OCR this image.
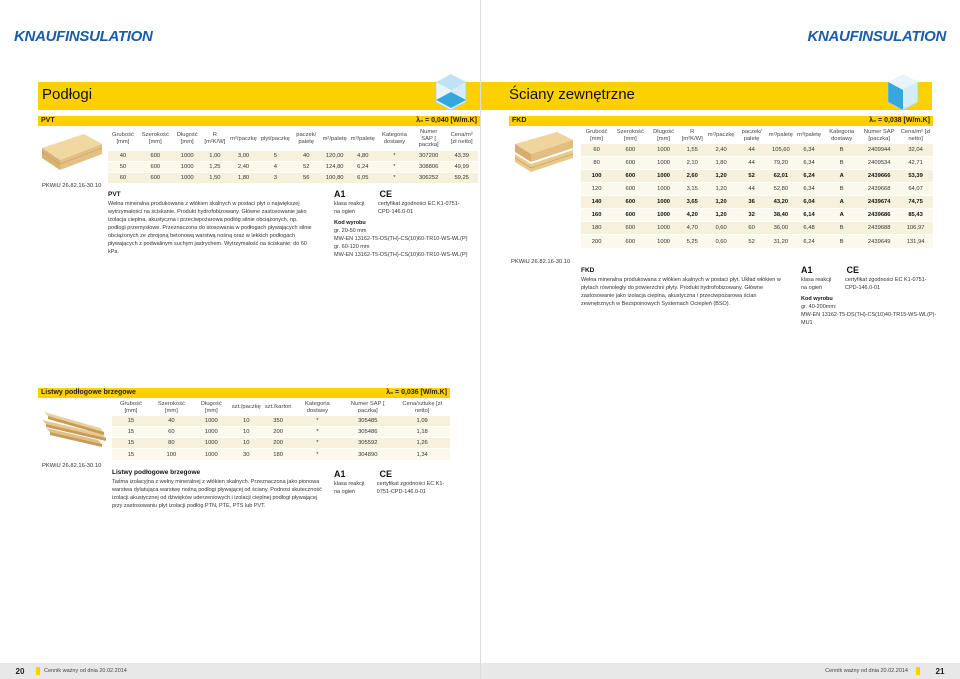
KNAUFINSULATION
Podłogi
PVT	λ₀ = 0,040 [W/m.K]
Grubość [mm]	Szerokość [mm]	Długość [mm]	R [m²K/W]	m²/paczkę	płyt/paczkę	paczek/ paletę	m²/paletę	m³/paletę	Kategoria dostawy	Numer SAP [ paczka]	Cena/m² [zł netto]
40	600	1000	1,00	3,00	5	40	120,00	4,80	*	307200	43,39
50	600	1000	1,25	2,40	4	52	124,80	6,24	*	308806	49,99
60	600	1000	1,50	1,80	3	56	100,80	6,05	*	306252	59,25
PKWiU 26.82.16-30.10
PVT
Wełna mineralna produkowana z włókien skalnych w postaci płyt o największej wytrzymałości na ściskanie. Produkt hydrofobizowany. Główne zastosowanie jako izolacja cieplna, akustyczna i przeciwpożarowa podłóg silnie obciążonych, np. podłogi przemysłowe. Przeznaczona do stosowania w podłogach pływających silnie obciążonych ze zbrojoną betonową warstwą nośną oraz w lekkich podłogach pływających z podwalinym suchym jastrychem. Wytrzymałość na ściskanie: do 60 kPa.
A1	CE
klasa reakcji na ogień
certyfikat zgodności EC K1-0751-CPD-146.0-01
Kod wyrobu
gr. 20-50 mm
MW-EN 13162-T5-DS(TH)-CS(10)60-TR10-WS-WL(P)
gr. 60-120 mm
MW-EN 13162-T5-DS(TH)-CS(10)60-TR10-WS-WL(P)
Listwy podłogowe brzegowe	λ₀ = 0,036 [W/m.K]
Grubość [mm]	Szerokość [mm]	Długość [mm]	szt./paczkę	szt./karton	Kategoria dostawy	Numer SAP [ paczka]	Cena/sztukę [zł netto]
15	40	1000	10	350	*	305485	1,09
15	60	1000	10	200	*	305486	1,18
15	80	1000	10	200	*	305592	1,26
15	100	1000	30	180	*	304890	1,34
PKWiU 26.82.16-30.10
Listwy podłogowe brzegowe
Taśma izolacyjna z wełny mineralnej z włókien skalnych. Przeznaczona jako pionowa warstwa dylatująca warstwę nośną podłogi pływającej od ściany. Podnosi skuteczność izolacji akustycznej od dźwięków uderzeniowych i izolacji cieplnej podłogi pływającej przy zastosowaniu płyt izolacji podłóg PTN, PTE, PTS lub PVT.
A1	CE
klasa reakcji na ogień
certyfikat zgodności EC K1-0751-CPD-146.0-01
20	Cennik ważny od dnia 20.02.2014
KNAUFINSULATION
Ściany zewnętrzne
FKD	λ₀ = 0,038 [W/m.K]
Grubość [mm]	Szerokość [mm]	Długość [mm]	R [m²K/W]	m²/paczkę	paczek/ paletę	m²/paletę	m³/paletę	Kategoria dostawy	Numer SAP [paczka]	Cena/m² [zł netto]
60	600	1000	1,55	2,40	44	105,60	6,34	B	2409944	32,04
80	600	1000	2,10	1,80	44	79,20	6,34	B	2409534	42,71
100	600	1000	2,60	1,20	52	62,01	6,24	A	2439666	53,39
120	600	1000	3,15	1,20	44	52,80	6,34	B	2439668	64,07
140	600	1000	3,65	1,20	36	43,20	6,04	A	2439674	74,75
160	600	1000	4,20	1,20	32	38,40	6,14	A	2439686	85,43
180	600	1000	4,70	0,60	60	36,00	6,48	B	2439688	106,97
200	600	1000	5,25	0,60	52	31,20	6,24	B	2439649	131,94
PKWiU 26.82.16-30.10
FKD
Wełna mineralna produkowana z włókien skalnych w postaci płyt. Układ włókien w płytach równoległy do powierzchni płyty. Produkt hydrofobizowany. Główne zastosowanie jako izolacja cieplna, akustyczna i przeciwpożarowa ścian zewnętrznych w Bezspoinowych Systemach Ociepleń (BSO).
A1	CE
klasa reakcji na ogień
certyfikat zgodności EC K1-0751-CPD-146.0-01
Kod wyrobu
gr. 40-200mm:
MW-EN 13162-T5-DS(TH)-CS(10)40-TR15-WS-WL(P)-MU1
Cennik ważny od dnia 20.02.2014	21
